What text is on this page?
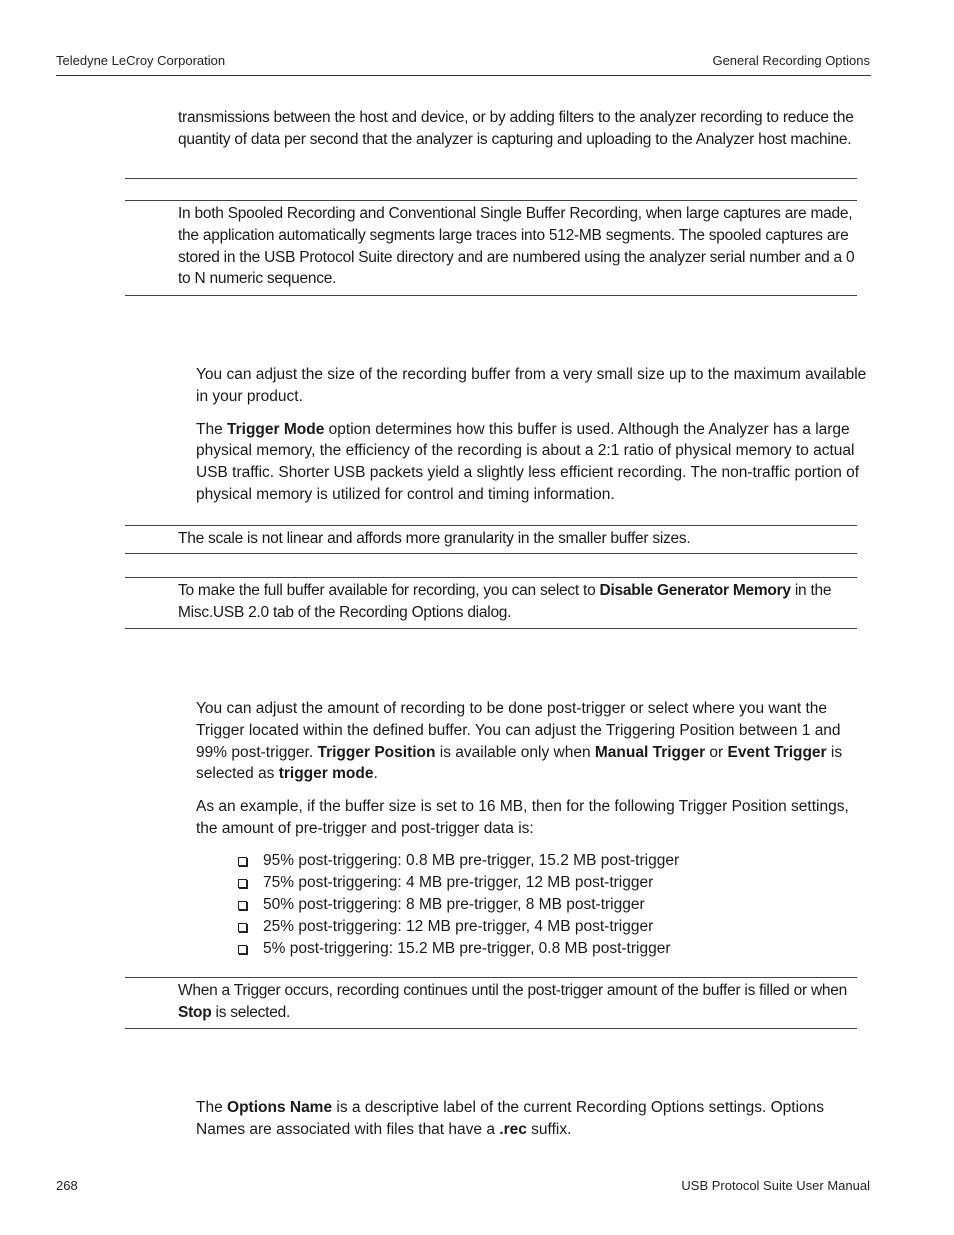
Teledyne LeCroy Corporation	General Recording Options
transmissions between the host and device, or by adding filters to the analyzer recording to reduce the quantity of data per second that the analyzer is capturing and uploading to the Analyzer host machine.
In both Spooled Recording and Conventional Single Buffer Recording, when large captures are made, the application automatically segments large traces into 512-MB segments. The spooled captures are stored in the USB Protocol Suite directory and are numbered using the analyzer serial number and a 0 to N numeric sequence.

You can adjust the size of the recording buffer from a very small size up to the maximum available in your product.

The Trigger Mode option determines how this buffer is used. Although the Analyzer has a large physical memory, the efficiency of the recording is about a 2:1 ratio of physical memory to actual USB traffic. Shorter USB packets yield a slightly less efficient recording. The non-traffic portion of physical memory is utilized for control and timing information.

The scale is not linear and affords more granularity in the smaller buffer sizes.
To make the full buffer available for recording, you can select to Disable Generator Memory in the Misc.USB 2.0 tab of the Recording Options dialog.

You can adjust the amount of recording to be done post-trigger or select where you want the Trigger located within the defined buffer. You can adjust the Triggering Position between 1 and 99% post-trigger. Trigger Position is available only when Manual Trigger or Event Trigger is selected as trigger mode.

As an example, if the buffer size is set to 16 MB, then for the following Trigger Position settings, the amount of pre-trigger and post-trigger data is:

95% post-triggering: 0.8 MB pre-trigger, 15.2 MB post-trigger
75% post-triggering: 4 MB pre-trigger, 12 MB post-trigger
50% post-triggering: 8 MB pre-trigger, 8 MB post-trigger
25% post-triggering: 12 MB pre-trigger, 4 MB post-trigger
5% post-triggering: 15.2 MB pre-trigger, 0.8 MB post-trigger
When a Trigger occurs, recording continues until the post-trigger amount of the buffer is filled or when Stop is selected.
The Options Name is a descriptive label of the current Recording Options settings. Options Names are associated with files that have a .rec suffix.
268	USB Protocol Suite User Manual
